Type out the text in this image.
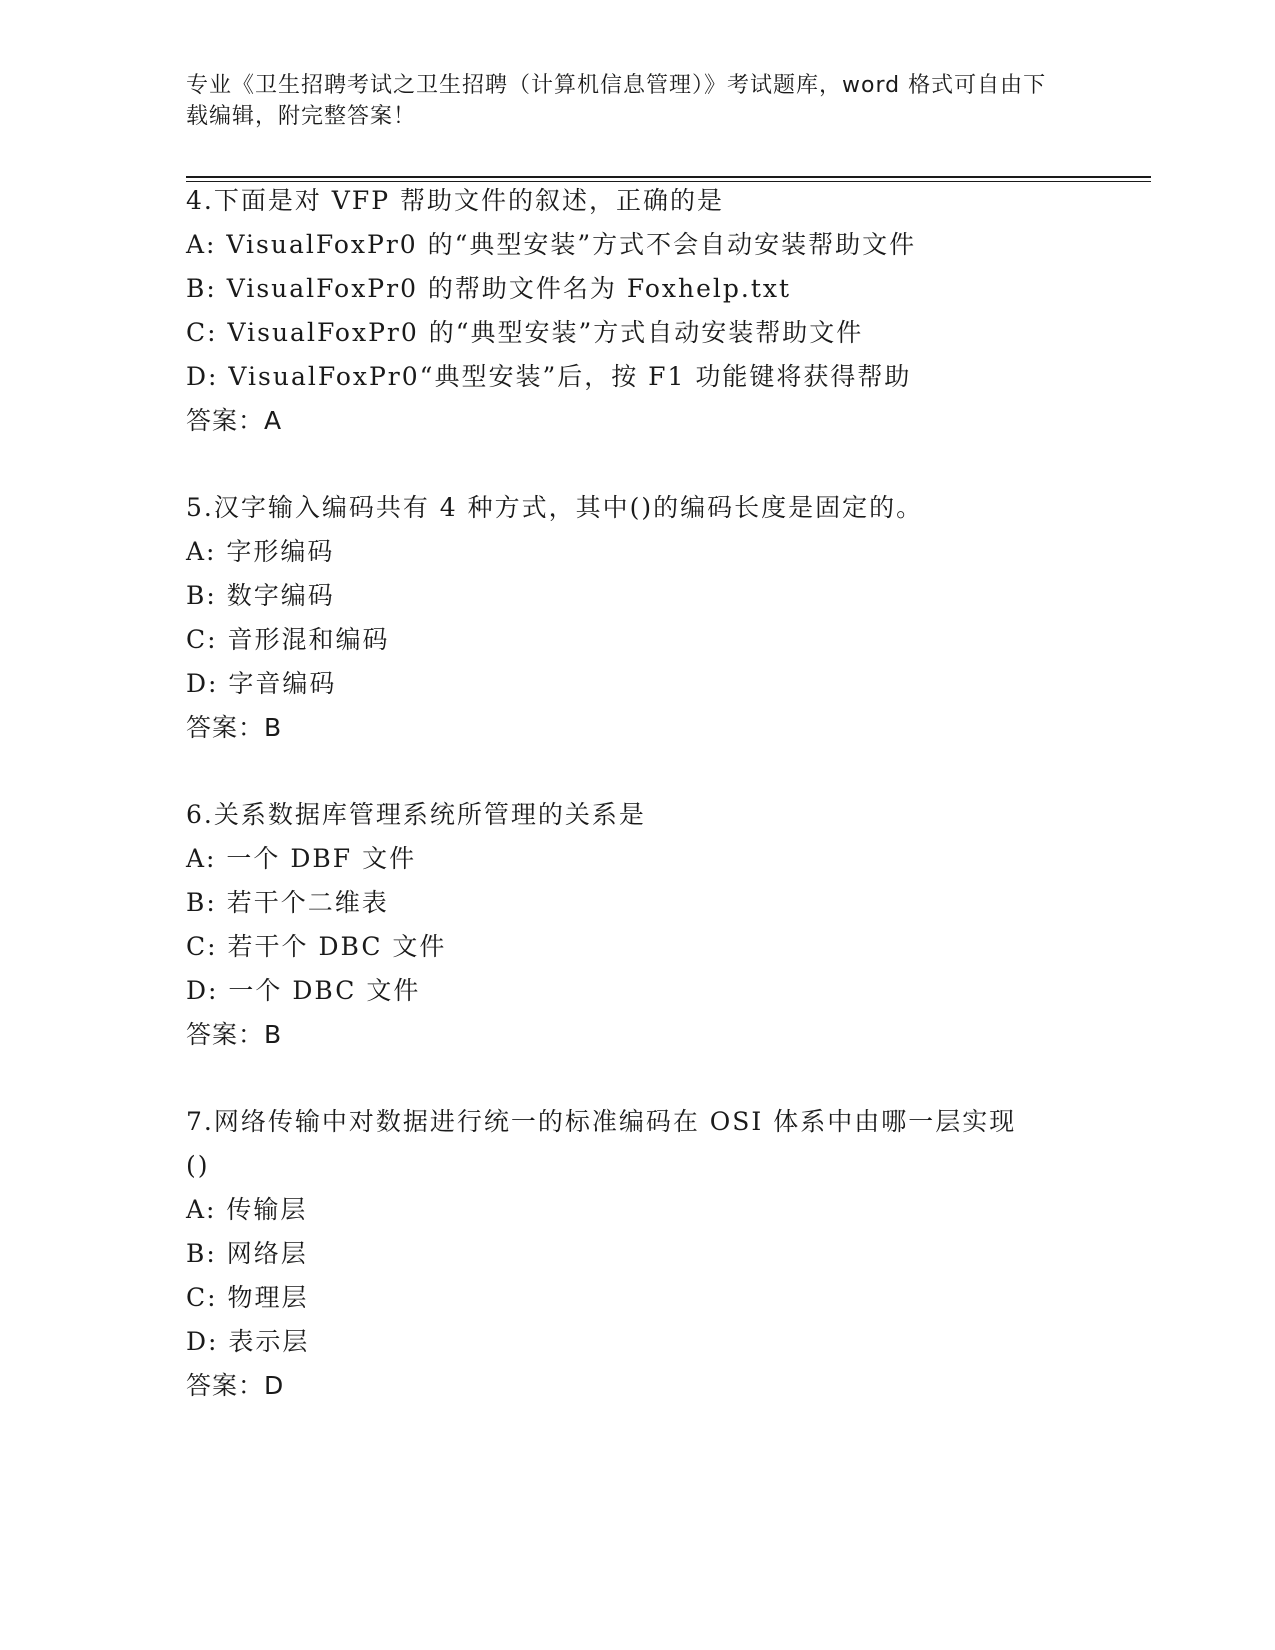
专业《卫生招聘考试之卫生招聘（计算机信息管理）》考试题库，word 格式可自由下载编辑，附完整答案！
4.下面是对 VFP 帮助文件的叙述，正确的是
A: VisualFoxPr0 的“典型安装”方式不会自动安装帮助文件
B: VisualFoxPr0 的帮助文件名为 Foxhelp.txt
C: VisualFoxPr0 的“典型安装”方式自动安装帮助文件
D: VisualFoxPr0“典型安装”后，按 F1 功能键将获得帮助
答案：A
5.汉字输入编码共有 4 种方式，其中()的编码长度是固定的。
A: 字形编码
B: 数字编码
C: 音形混和编码
D: 字音编码
答案：B
6.关系数据库管理系统所管理的关系是
A: 一个 DBF 文件
B: 若干个二维表
C: 若干个 DBC 文件
D: 一个 DBC 文件
答案：B
7.网络传输中对数据进行统一的标准编码在 OSI 体系中由哪一层实现
()
A: 传输层
B: 网络层
C: 物理层
D: 表示层
答案：D
